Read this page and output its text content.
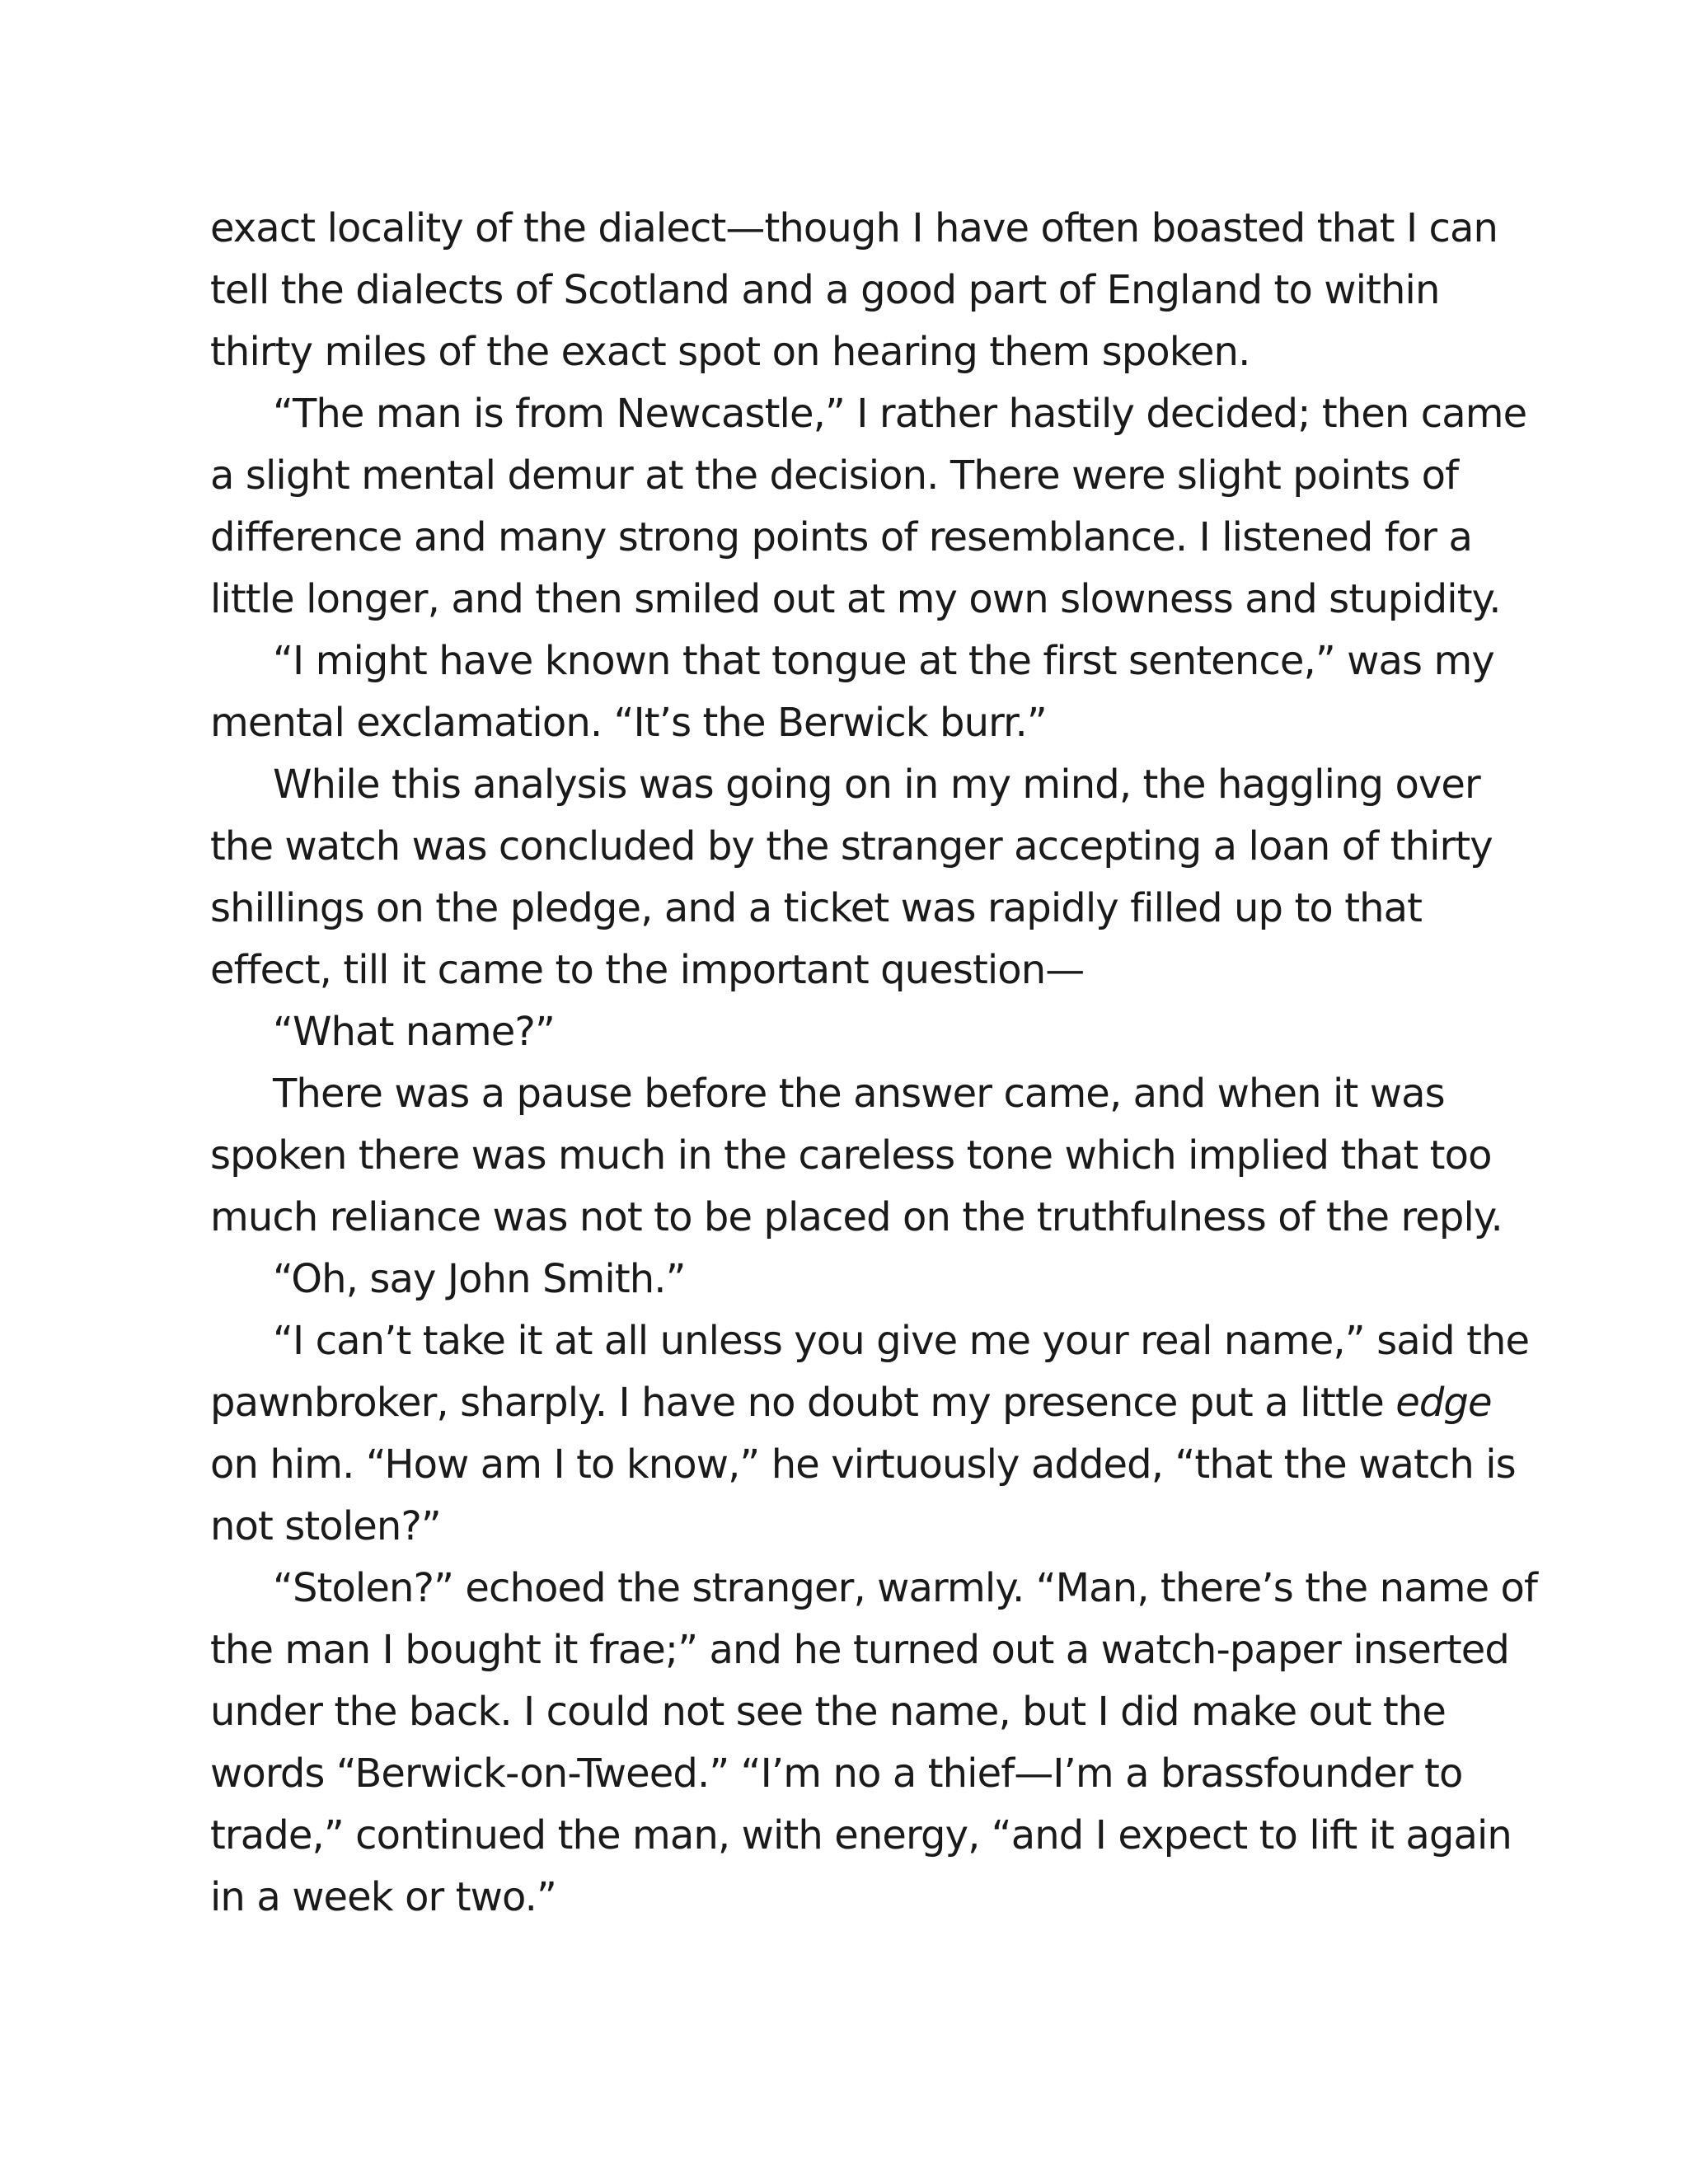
exact locality of the dialect—though I have often boasted that I can
tell the dialects of Scotland and a good part of England to within
thirty miles of the exact spot on hearing them spoken.

“The man is from Newcastle,” I rather hastily decided; then came
a slight mental demur at the decision. There were slight points of
difference and many strong points of resemblance. I listened for a
little longer, and then smiled out at my own slowness and stupidity.

“I might have known that tongue at the first sentence,” was my
mental exclamation. “It’s the Berwick burr.”

While this analysis was going on in my mind, the haggling over
the watch was concluded by the stranger accepting a loan of thirty
shillings on the pledge, and a ticket was rapidly filled up to that
effect, till it came to the important question—

“What name?”

There was a pause before the answer came, and when it was
spoken there was much in the careless tone which implied that too
much reliance was not to be placed on the truthfulness of the reply.

“Oh, say John Smith.”

“I can’t take it at all unless you give me your real name,” said the
pawnbroker, sharply. I have no doubt my presence put a little edge
on him. “How am I to know,” he virtuously added, “that the watch is
not stolen?”

“Stolen?” echoed the stranger, warmly. “Man, there’s the name of
the man I bought it frae;” and he turned out a watch-paper inserted
under the back. I could not see the name, but I did make out the
words “Berwick-on-Tweed.” “I’m no a thief—I’m a brassfounder to
trade,” continued the man, with energy, “and I expect to lift it again
in a week or two.”
